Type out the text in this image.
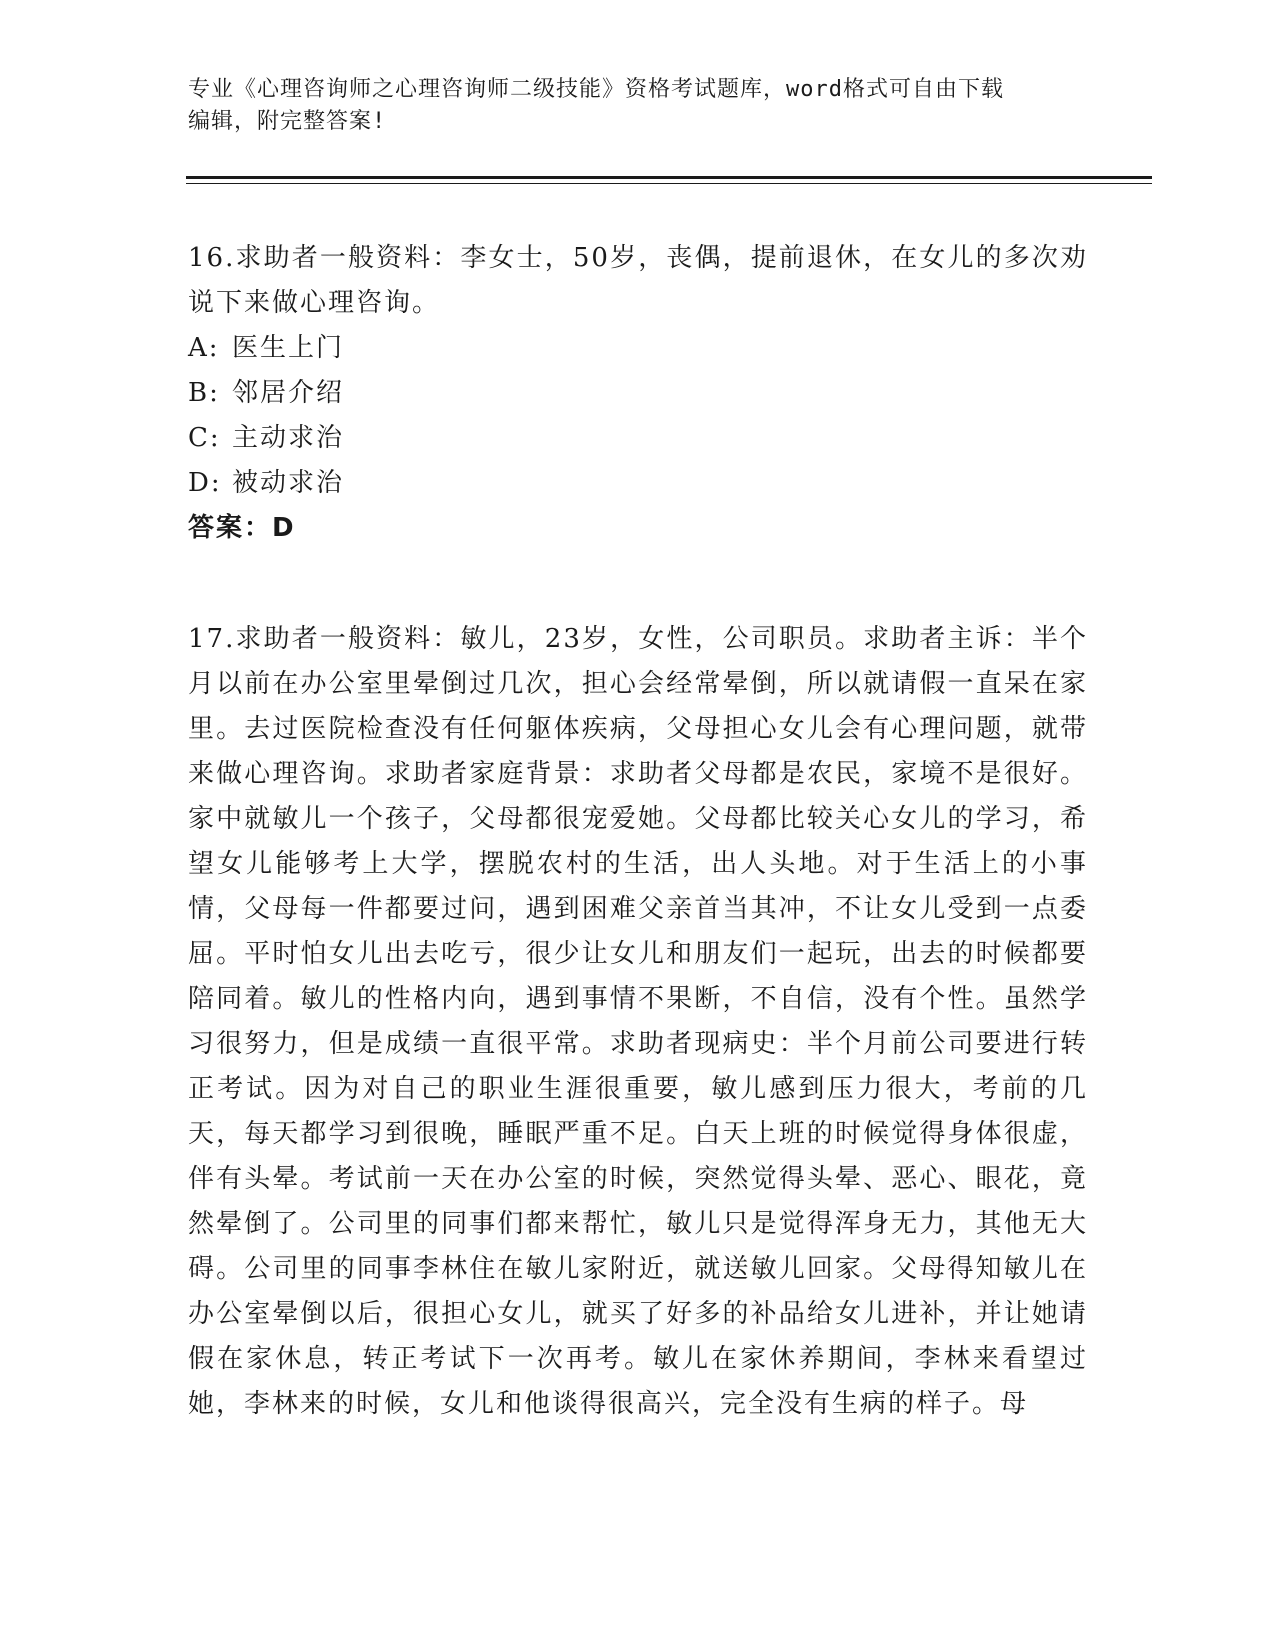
专业《心理咨询师之心理咨询师二级技能》资格考试题库，word格式可自由下载
编辑，附完整答案!

16.求助者一般资料：李女士，50岁，丧偶，提前退休，在女儿的多次劝说下来做心理咨询。

A: 医生上门

B: 邻居介绍

C: 主动求治

D: 被动求治

答案：D

17.求助者一般资料：敏儿，23岁，女性，公司职员。求助者主诉：半个月以前在办公室里晕倒过几次，担心会经常晕倒，所以就请假一直呆在家里。去过医院检查没有任何躯体疾病，父母担心女儿会有心理问题，就带来做心理咨询。求助者家庭背景：求助者父母都是农民，家境不是很好。家中就敏儿一个孩子，父母都很宠爱她。父母都比较关心女儿的学习，希望女儿能够考上大学，摆脱农村的生活，出人头地。对于生活上的小事情，父母每一件都要过问，遇到困难父亲首当其冲，不让女儿受到一点委屈。平时怕女儿出去吃亏，很少让女儿和朋友们一起玩，出去的时候都要陪同着。敏儿的性格内向，遇到事情不果断，不自信，没有个性。虽然学习很努力，但是成绩一直很平常。求助者现病史：半个月前公司要进行转正考试。因为对自己的职业生涯很重要，敏儿感到压力很大，考前的几天，每天都学习到很晚，睡眠严重不足。白天上班的时候觉得身体很虚，伴有头晕。考试前一天在办公室的时候，突然觉得头晕、恶心、眼花，竟然晕倒了。公司里的同事们都来帮忙，敏儿只是觉得浑身无力，其他无大碍。公司里的同事李林住在敏儿家附近，就送敏儿回家。父母得知敏儿在办公室晕倒以后，很担心女儿，就买了好多的补品给女儿进补，并让她请假在家休息，转正考试下一次再考。敏儿在家休养期间，李林来看望过她，李林来的时候，女儿和他谈得很高兴，完全没有生病的样子。母
